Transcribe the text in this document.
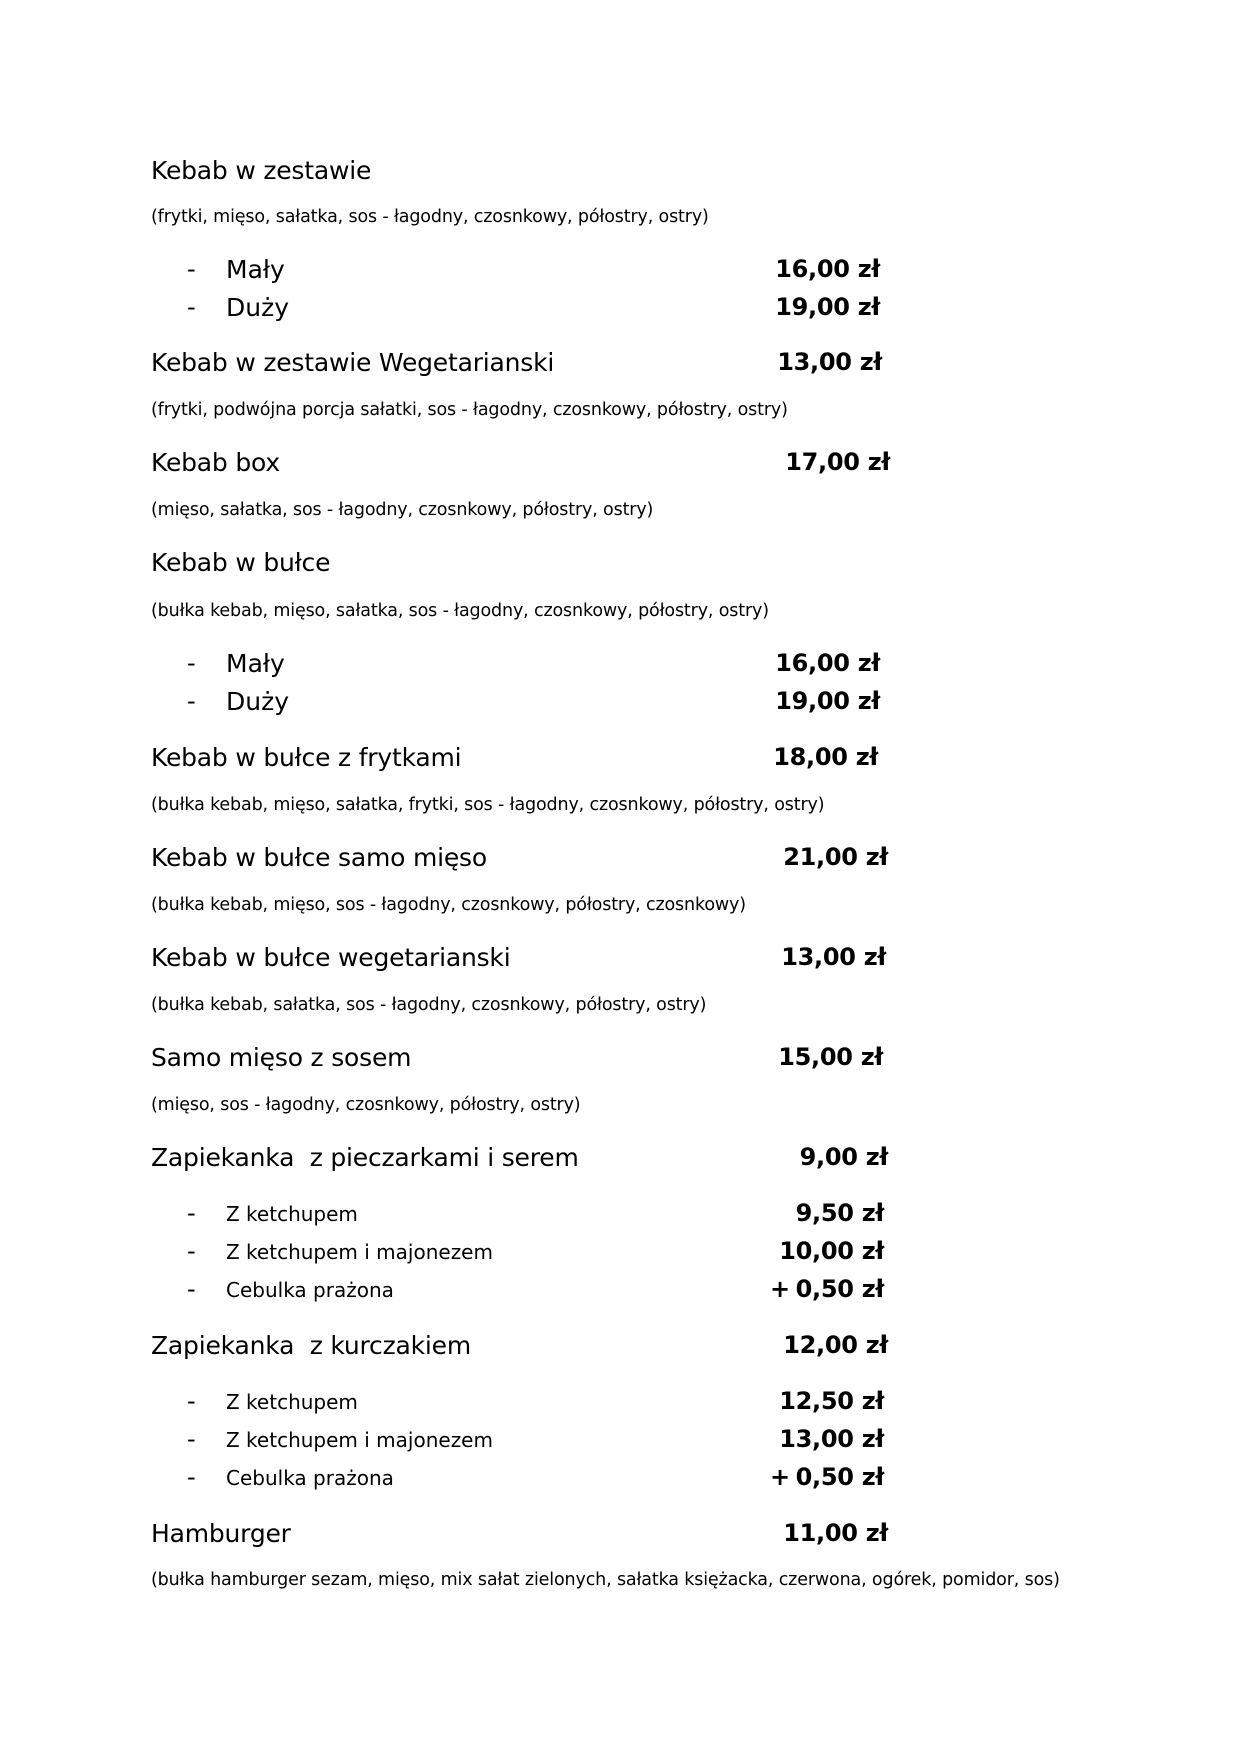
Kebab w zestawie
(frytki, mięso, sałatka, sos - łagodny, czosnkowy, półostry, ostry)
- Mały	16,00 zł
- Duży	19,00 zł
Kebab w zestawie Wegetarianski	13,00 zł
(frytki, podwójna porcja sałatki, sos - łagodny, czosnkowy, półostry, ostry)
Kebab box	17,00 zł
(mięso, sałatka, sos - łagodny, czosnkowy, półostry, ostry)
Kebab w bułce
(bułka kebab, mięso, sałatka, sos - łagodny, czosnkowy, półostry, ostry)
- Mały	16,00 zł
- Duży	19,00 zł
Kebab w bułce z frytkami	18,00 zł
(bułka kebab, mięso, sałatka, frytki, sos - łagodny, czosnkowy, półostry, ostry)
Kebab w bułce samo mięso	21,00 zł
(bułka kebab, mięso, sos - łagodny, czosnkowy, półostry, czosnkowy)
Kebab w bułce wegetarianski	13,00 zł
(bułka kebab, sałatka, sos - łagodny, czosnkowy, półostry, ostry)
Samo mięso z sosem	15,00 zł
(mięso, sos - łagodny, czosnkowy, półostry, ostry)
Zapiekanka  z pieczarkami i serem	9,00 zł
- Z ketchupem	9,50 zł
- Z ketchupem i majonezem	10,00 zł
- Cebulka prażona	+ 0,50 zł
Zapiekanka  z kurczakiem	12,00 zł
- Z ketchupem	12,50 zł
- Z ketchupem i majonezem	13,00 zł
- Cebulka prażona	+ 0,50 zł
Hamburger	11,00 zł
(bułka hamburger sezam, mięso, mix sałat zielonych, sałatka księżacka, czerwona, ogórek, pomidor, sos)
